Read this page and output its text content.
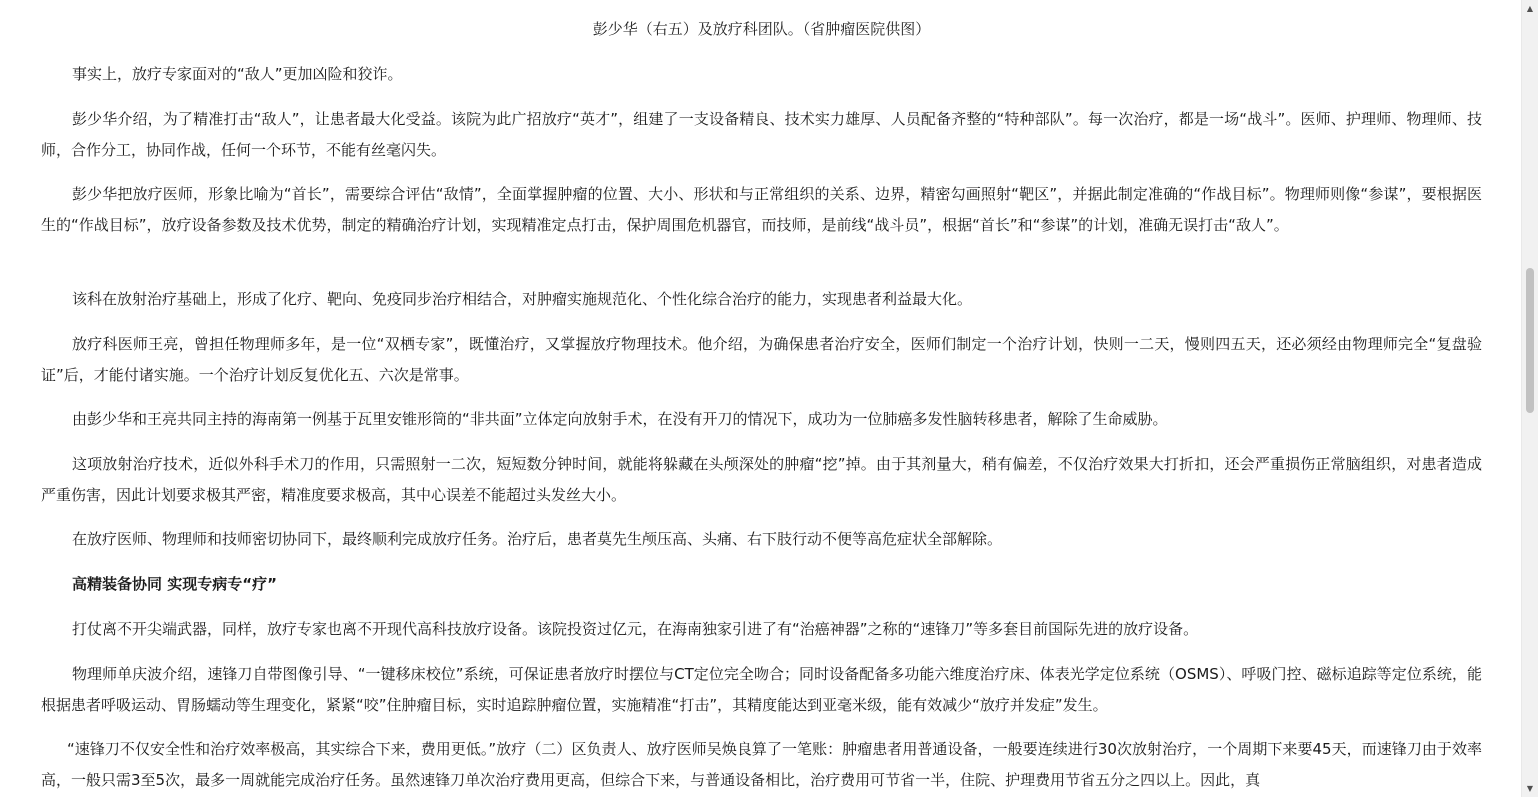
彭少华（右五）及放疗科团队。（省肿瘤医院供图）

事实上，放疗专家面对的“敌人”更加凶险和狡诈。

彭少华介绍，为了精准打击“敌人”，让患者最大化受益。该院为此广招放疗“英才”，组建了一支设备精良、技术实力雄厚、人员配备齐整的“特种部队”。每一次治疗，都是一场“战斗”。医师、护理师、物理师、技师，合作分工，协同作战，任何一个环节，不能有丝毫闪失。

彭少华把放疗医师，形象比喻为“首长”，需要综合评估“敌情”，全面掌握肿瘤的位置、大小、形状和与正常组织的关系、边界，精密勾画照射“靶区”，并据此制定准确的“作战目标”。物理师则像“参谋”，要根据医生的“作战目标”，放疗设备参数及技术优势，制定的精确治疗计划，实现精准定点打击，保护周围危机器官，而技师，是前线“战斗员”，根据“首长”和“参谋”的计划，准确无误打击“敌人”。

该科在放射治疗基础上，形成了化疗、靶向、免疫同步治疗相结合，对肿瘤实施规范化、个性化综合治疗的能力，实现患者利益最大化。

放疗科医师王亮，曾担任物理师多年，是一位“双栖专家”，既懂治疗，又掌握放疗物理技术。他介绍，为确保患者治疗安全，医师们制定一个治疗计划，快则一二天，慢则四五天，还必须经由物理师完全“复盘验证”后，才能付诸实施。一个治疗计划反复优化五、六次是常事。

由彭少华和王亮共同主持的海南第一例基于瓦里安锥形筒的“非共面”立体定向放射手术，在没有开刀的情况下，成功为一位肺癌多发性脑转移患者，解除了生命威胁。

这项放射治疗技术，近似外科手术刀的作用，只需照射一二次，短短数分钟时间，就能将躲藏在头颅深处的肿瘤“挖”掉。由于其剂量大，稍有偏差，不仅治疗效果大打折扣，还会严重损伤正常脑组织，对患者造成严重伤害，因此计划要求极其严密，精准度要求极高，其中心误差不能超过头发丝大小。

在放疗医师、物理师和技师密切协同下，最终顺利完成放疗任务。治疗后，患者莫先生颅压高、头痛、右下肢行动不便等高危症状全部解除。

高精装备协同 实现专病专“疗”

打仗离不开尖端武器，同样，放疗专家也离不开现代高科技放疗设备。该院投资过亿元，在海南独家引进了有“治癌神器”之称的“速锋刀”等多套目前国际先进的放疗设备。

物理师单庆波介绍，速锋刀自带图像引导、“一键移床校位”系统，可保证患者放疗时摆位与CT定位完全吻合；同时设备配备多功能六维度治疗床、体表光学定位系统（OSMS）、呼吸门控、磁标追踪等定位系统，能根据患者呼吸运动、胃肠蠕动等生理变化，紧紧“咬”住肿瘤目标，实时追踪肿瘤位置，实施精准“打击”，其精度能达到亚毫米级，能有效减少“放疗并发症”发生。

“速锋刀不仅安全性和治疗效率极高，其实综合下来，费用更低。”放疗（二）区负责人、放疗医师吴焕良算了一笔账：肿瘤患者用普通设备，一般要连续进行30次放射治疗，一个周期下来要45天，而速锋刀由于效率高，一般只需3至5次，最多一周就能完成治疗任务。虽然速锋刀单次治疗费用更高，但综合下来，与普通设备相比，治疗费用可节省一半，住院、护理费用节省五分之四以上。因此，真

▲
▼
